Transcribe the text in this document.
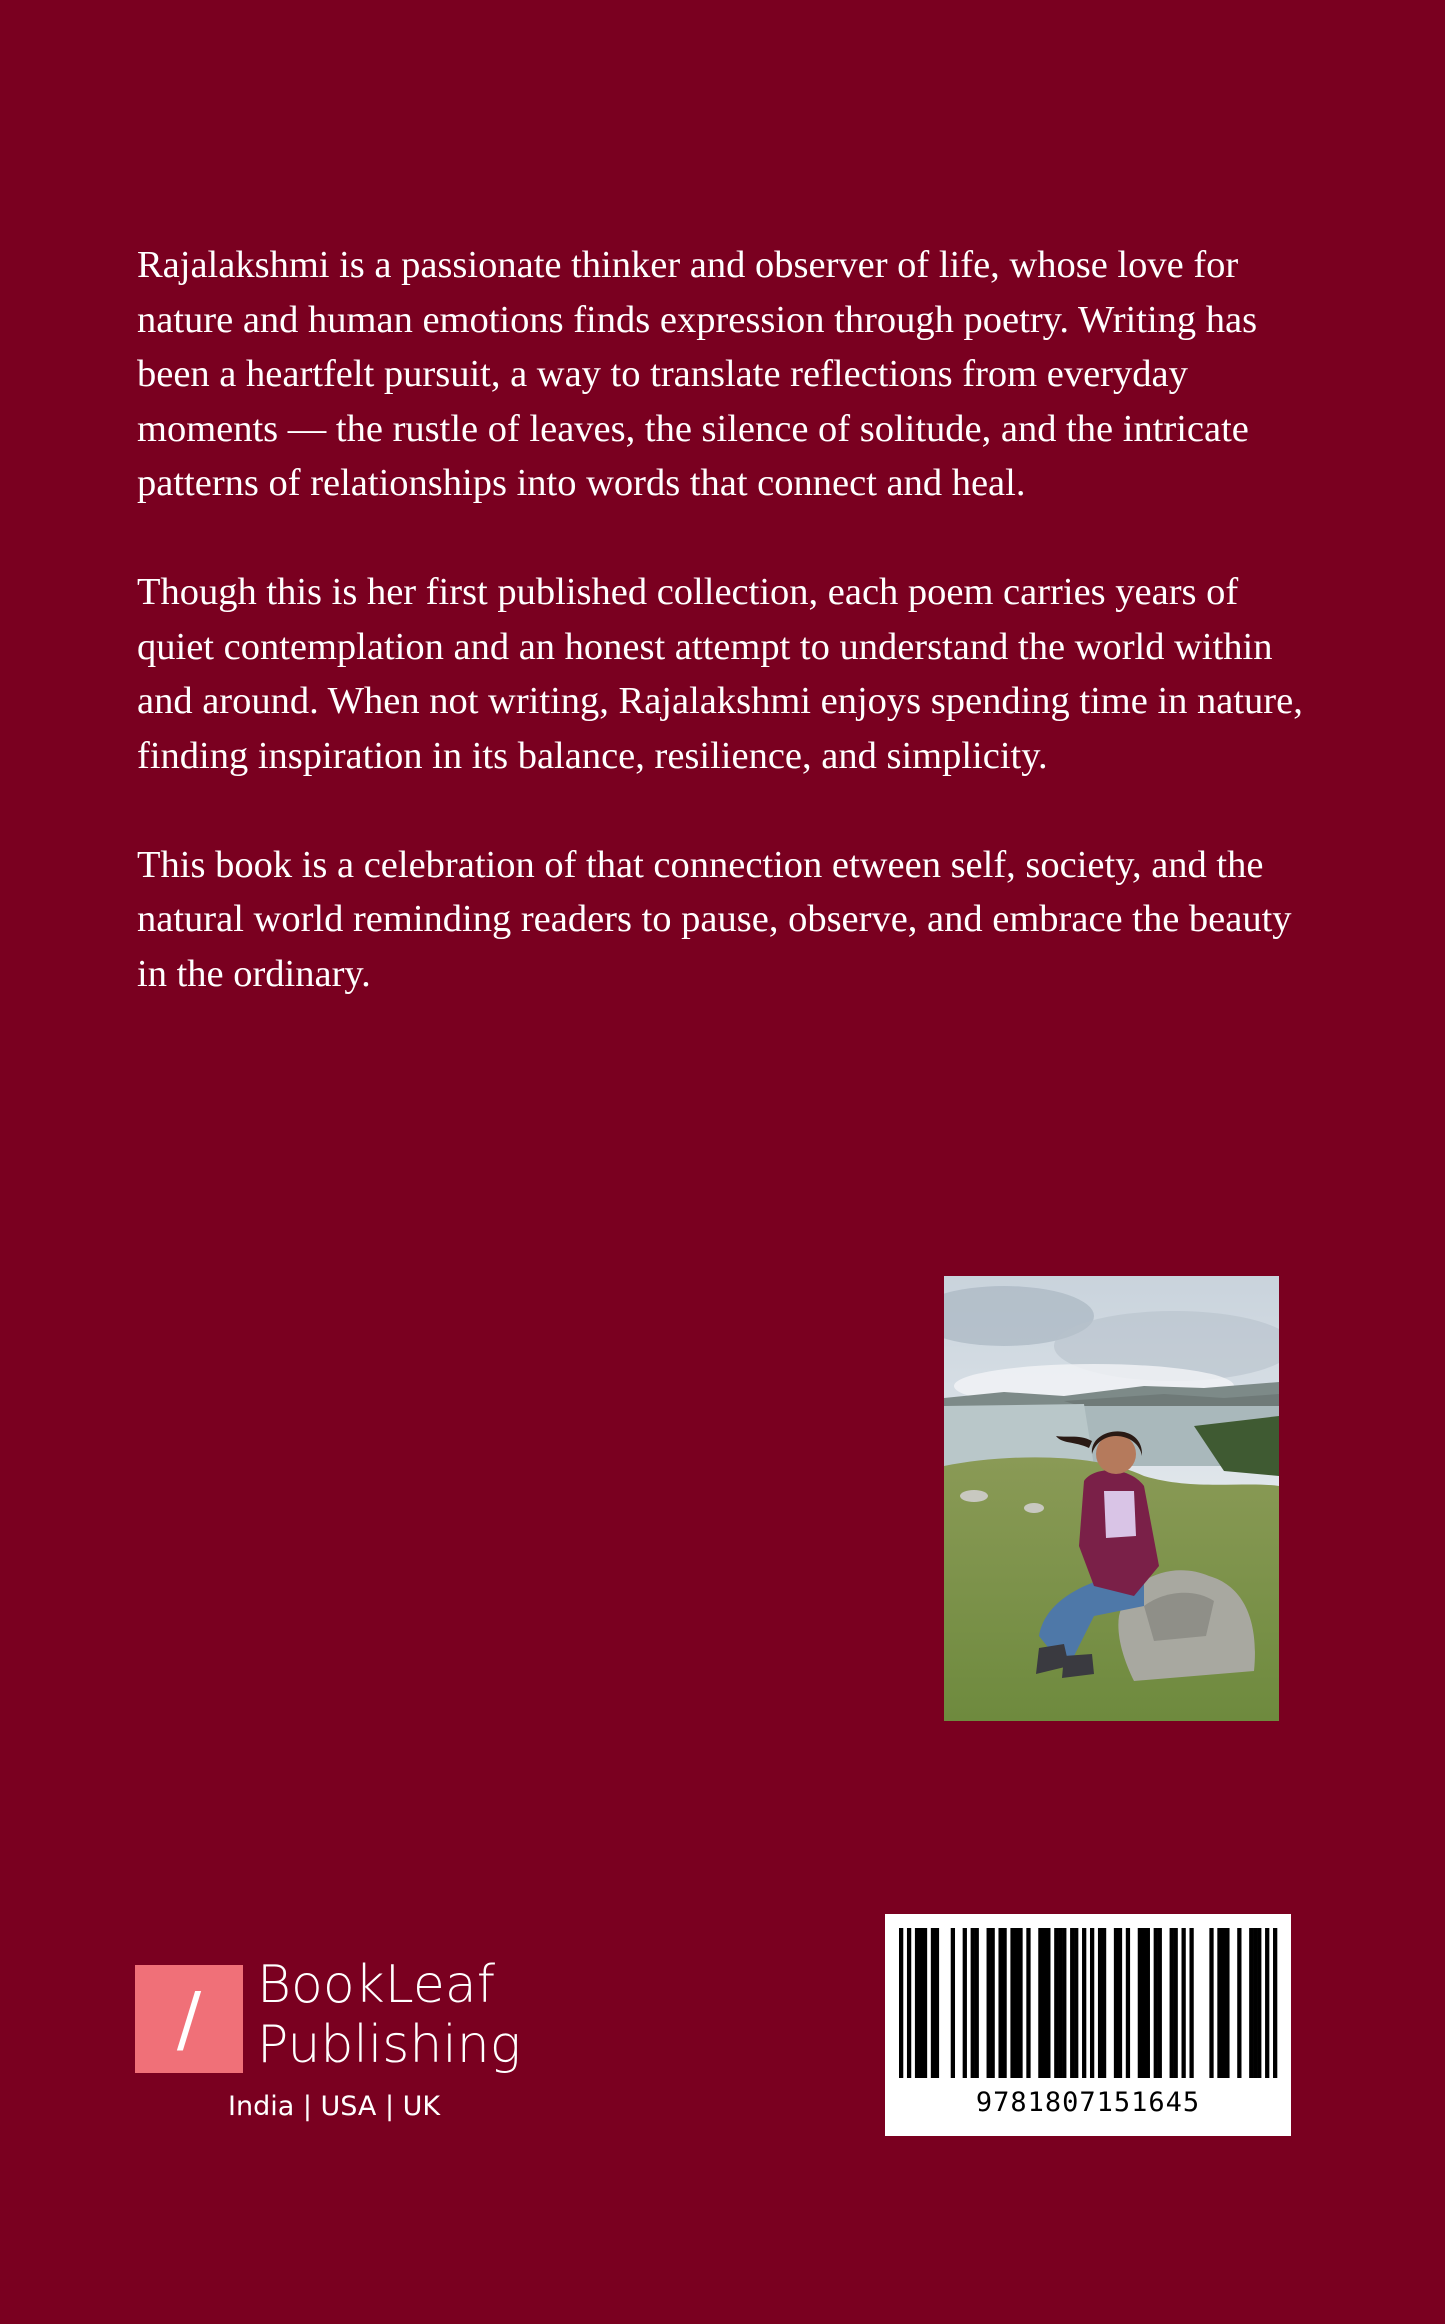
Rajalakshmi is a passionate thinker and observer of life, whose love for nature and human emotions finds expression through poetry. Writing has been a heartfelt pursuit, a way to translate reflections from everyday moments — the rustle of leaves, the silence of solitude, and the intricate patterns of relationships into words that connect and heal.

Though this is her first published collection, each poem carries years of quiet contemplation and an honest attempt to understand the world within and around. When not writing, Rajalakshmi enjoys spending time in nature, finding inspiration in its balance, resilience, and simplicity.

This book is a celebration of that connection etween self, society, and the natural world reminding readers to pause, observe, and embrace the beauty in the ordinary.

/	BookLeaf
Publishing
India | USA | UK	9781807151645
